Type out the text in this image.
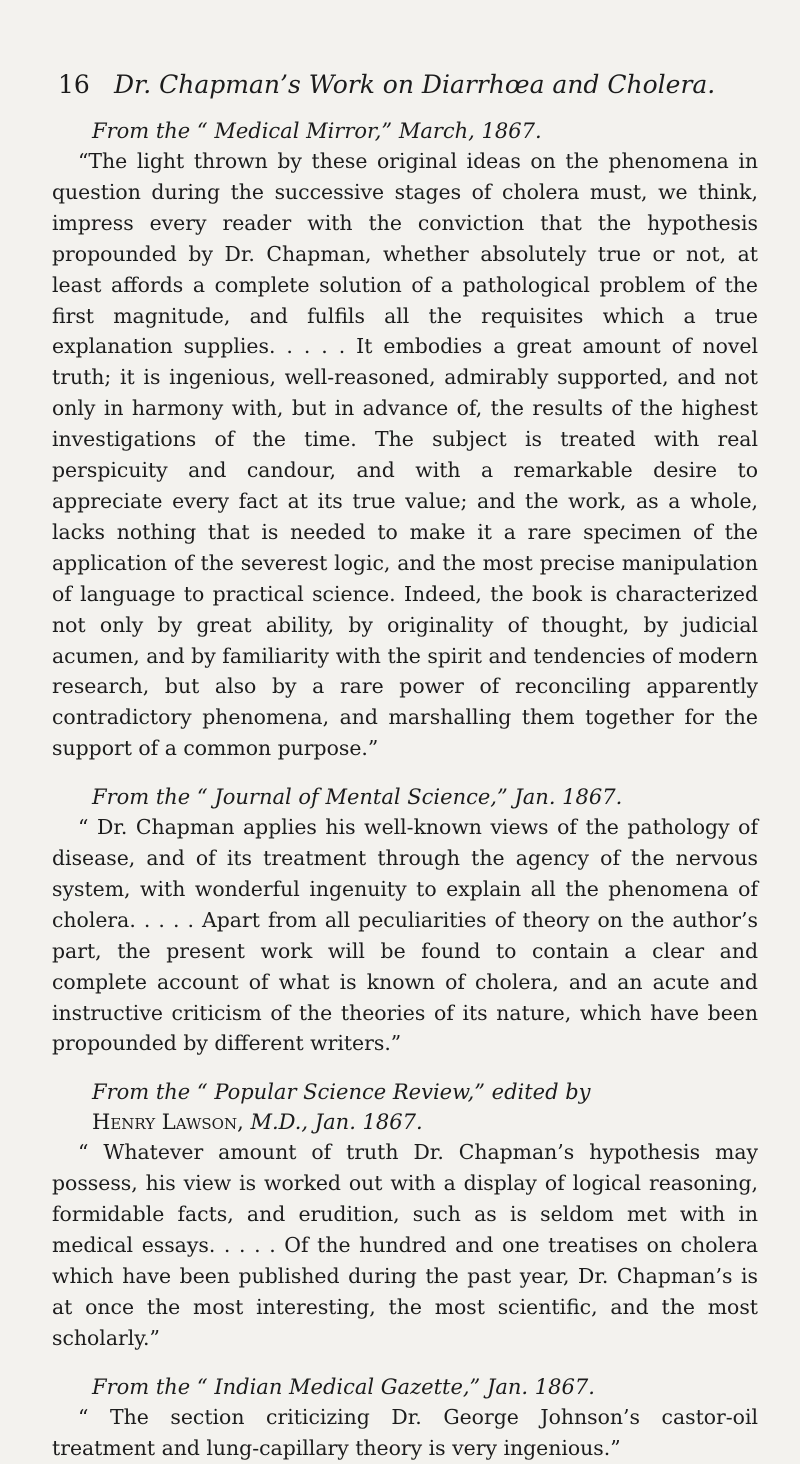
16 Dr. Chapman’s Work on Diarrhœa and Cholera.

From the “ Medical Mirror,” March, 1867.

“The light thrown by these original ideas on the phenomena in question during the successive stages of cholera must, we think, impress every reader with the conviction that the hypothesis propounded by Dr. Chapman, whether absolutely true or not, at least affords a complete solution of a pathological problem of the first magnitude, and fulfils all the requisites which a true explanation supplies. . . . . It embodies a great amount of novel truth; it is ingenious, well-reasoned, admirably supported, and not only in harmony with, but in advance of, the results of the highest investigations of the time. The subject is treated with real perspicuity and candour, and with a remarkable desire to appreciate every fact at its true value; and the work, as a whole, lacks nothing that is needed to make it a rare specimen of the application of the severest logic, and the most precise manipulation of language to practical science. Indeed, the book is characterized not only by great ability, by originality of thought, by judicial acumen, and by familiarity with the spirit and tendencies of modern research, but also by a rare power of reconciling apparently contradictory phenomena, and marshalling them together for the support of a common purpose.”

From the “ Journal of Mental Science,” Jan. 1867.

“ Dr. Chapman applies his well-known views of the pathology of disease, and of its treatment through the agency of the nervous system, with wonderful ingenuity to explain all the phenomena of cholera. . . . . Apart from all peculiarities of theory on the author’s part, the present work will be found to contain a clear and complete account of what is known of cholera, and an acute and instructive criticism of the theories of its nature, which have been propounded by different writers.”

From the “ Popular Science Review,” edited by
Henry Lawson, M.D., Jan. 1867.

“ Whatever amount of truth Dr. Chapman’s hypothesis may possess, his view is worked out with a display of logical reasoning, formidable facts, and erudition, such as is seldom met with in medical essays. . . . . Of the hundred and one treatises on cholera which have been published during the past year, Dr. Chapman’s is at once the most interesting, the most scientific, and the most scholarly.”

From the “ Indian Medical Gazette,” Jan. 1867.

“ The section criticizing Dr. George Johnson’s castor-oil treatment and lung-capillary theory is very ingenious.”
